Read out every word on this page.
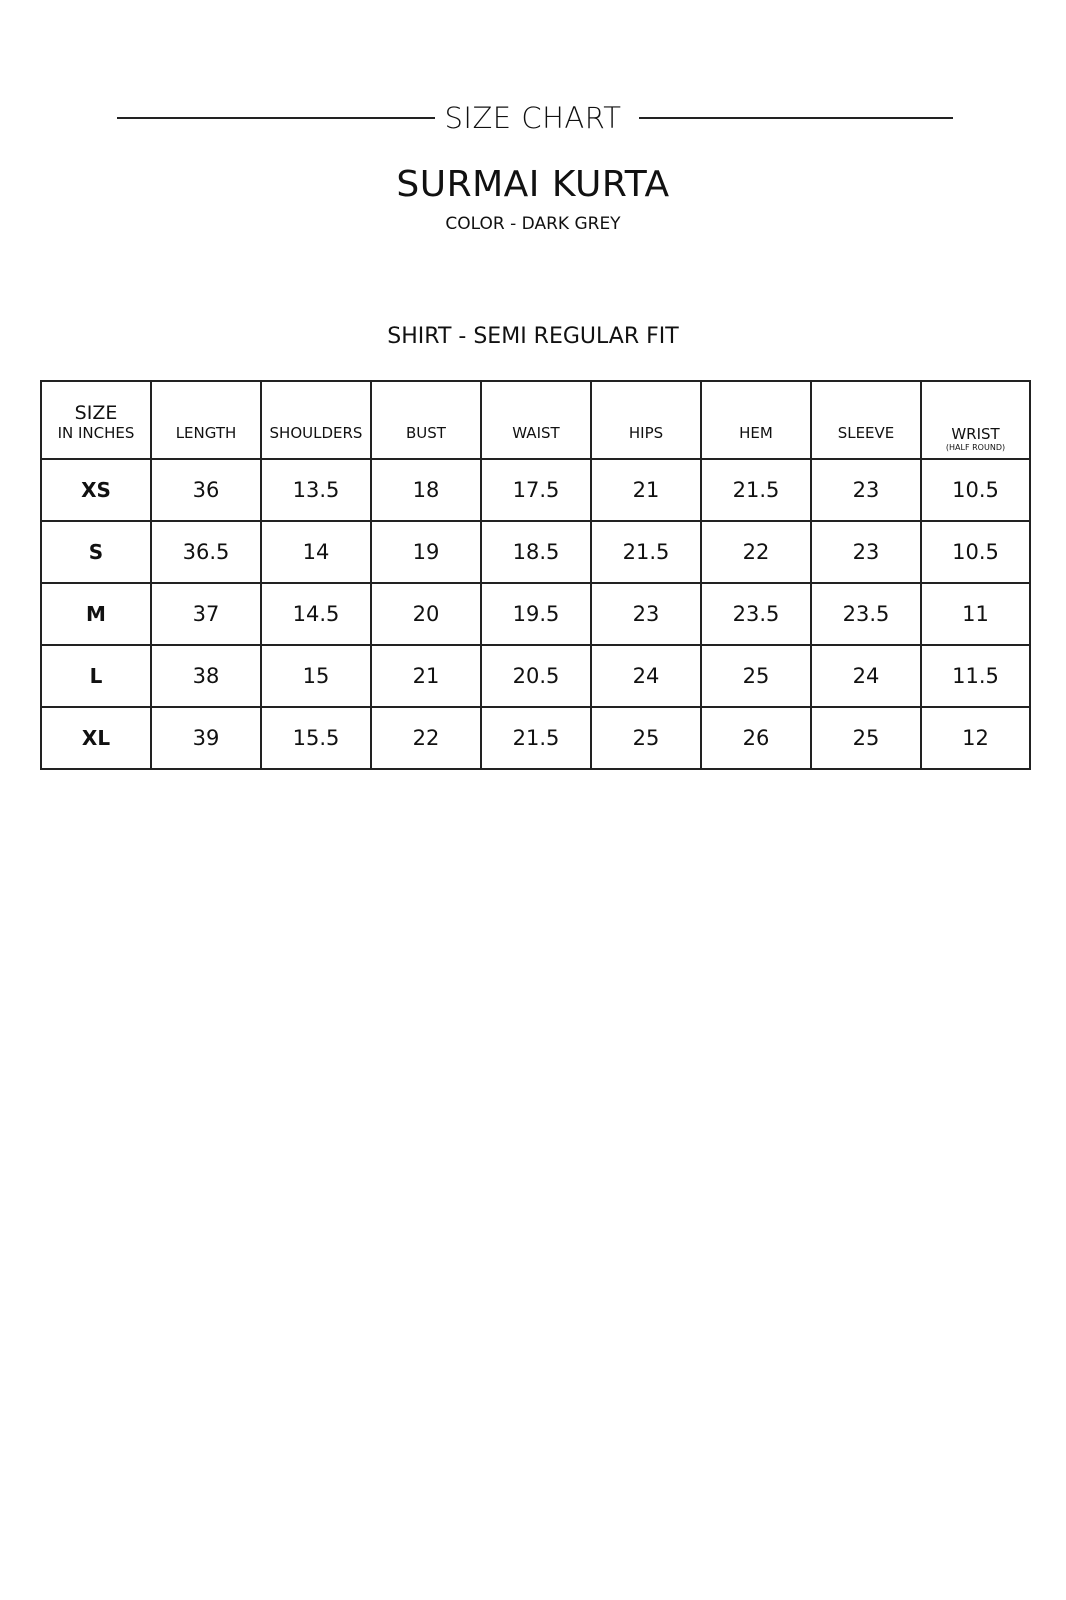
SIZE CHART
SURMAI KURTA
COLOR - DARK GREY
SHIRT - SEMI REGULAR FIT
SIZE
IN INCHES	LENGTH	SHOULDERS	BUST	WAIST	HIPS	HEM	SLEEVE	WRIST
(HALF ROUND)

XS	36	13.5	18	17.5	21	21.5	23	10.5
S	36.5	14	19	18.5	21.5	22	23	10.5
M	37	14.5	20	19.5	23	23.5	23.5	11
L	38	15	21	20.5	24	25	24	11.5
XL	39	15.5	22	21.5	25	26	25	12
